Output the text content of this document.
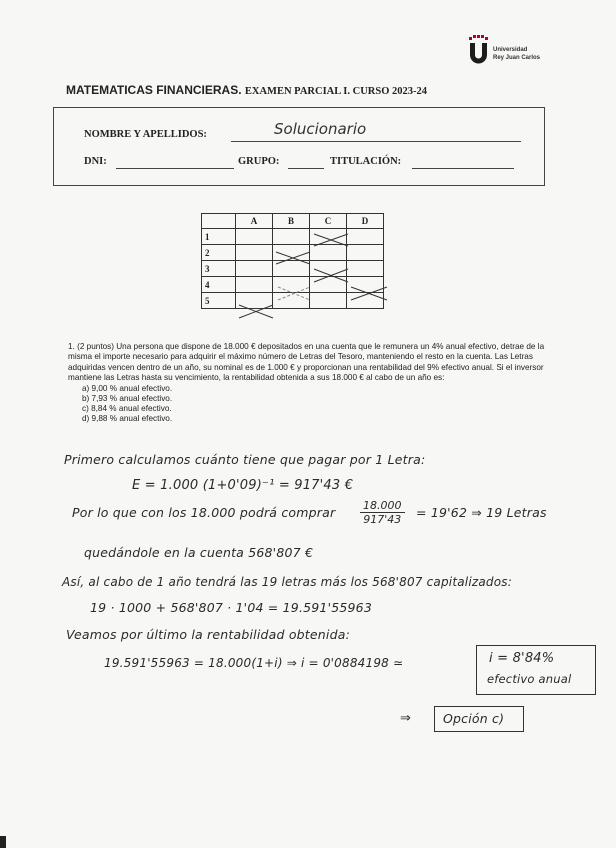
Universidad
Rey Juan Carlos
MATEMATICAS FINANCIERAS. EXAMEN PARCIAL I. CURSO 2023-24
NOMBRE Y APELLIDOS:	Solucionario
DNI:	GRUPO:	TITULACIÓN:
	A	B	C	D
1				
2				
3				
4				
5				

1. (2 puntos) Una persona que dispone de 18.000 € depositados en una cuenta que le remunera un 4% anual efectivo, detrae de la misma el importe necesario para adquirir el máximo número de Letras del Tesoro, manteniendo el resto en la cuenta. Las Letras adquiridas vencen dentro de un año, su nominal es de 1.000 € y proporcionan una rentabilidad del 9% efectivo anual. Si el inversor mantiene las Letras hasta su vencimiento, la rentabilidad obtenida a sus 18.000 € al cabo de un año es:

a) 9,00 % anual efectivo.
b) 7,93 % anual efectivo.
c) 8,84 % anual efectivo.
d) 9,88 % anual efectivo.
Primero calculamos cuánto tiene que pagar por 1 Letra:
E = 1.000 (1+0'09)⁻¹ = 917'43 €
Por lo que con los 18.000 podrá comprar $\frac{18.000}{917'43} = 19'62$ ⇒ 19 Letras
quedándole en la cuenta 568'807 €
Así, al cabo de 1 año tendrá las 19 letras más los 568'807 capitalizados:
19 · 1000 + 568'807 · 1'04 = 19.591'55963
Veamos por último la rentabilidad obtenida:
19.591'55963 = 18.000(1+i) ⇒ i = 0'0884198 ≃	i = 8'84%
efectivo anual
⇒	Opción c)
